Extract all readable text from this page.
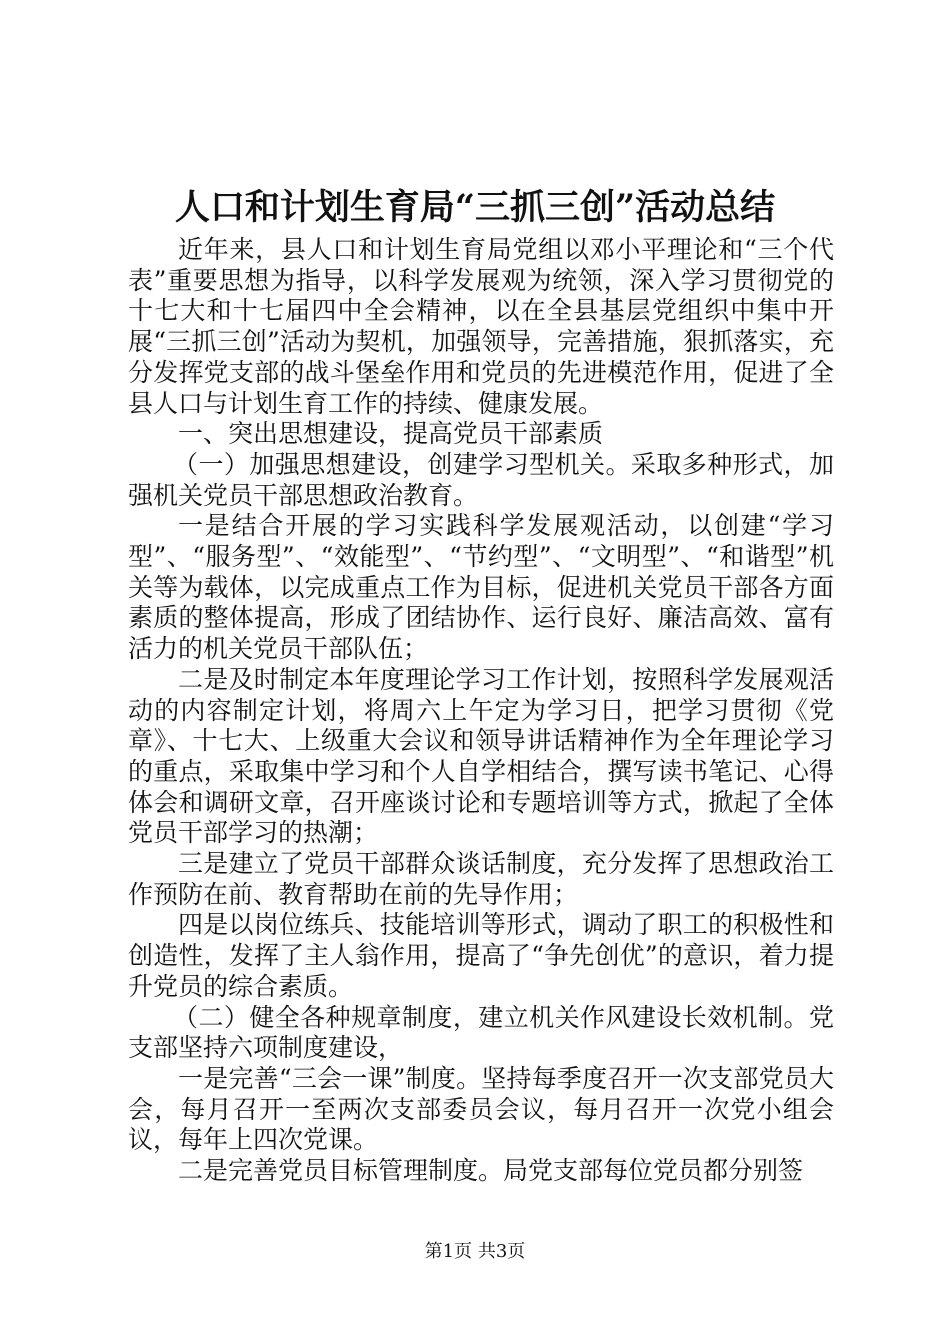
人口和计划生育局“三抓三创”活动总结

近年来，县人口和计划生育局党组以邓小平理论和“三个代表”重要思想为指导，以科学发展观为统领，深入学习贯彻党的十七大和十七届四中全会精神，以在全县基层党组织中集中开展“三抓三创”活动为契机，加强领导，完善措施，狠抓落实，充分发挥党支部的战斗堡垒作用和党员的先进模范作用，促进了全县人口与计划生育工作的持续、健康发展。

一、突出思想建设，提高党员干部素质

（一）加强思想建设，创建学习型机关。采取多种形式，加强机关党员干部思想政治教育。

一是结合开展的学习实践科学发展观活动，以创建“学习型”、“服务型”、“效能型”、“节约型”、“文明型”、“和谐型”机关等为载体，以完成重点工作为目标，促进机关党员干部各方面素质的整体提高，形成了团结协作、运行良好、廉洁高效、富有活力的机关党员干部队伍；

二是及时制定本年度理论学习工作计划，按照科学发展观活动的内容制定计划，将周六上午定为学习日，把学习贯彻《党章》、十七大、上级重大会议和领导讲话精神作为全年理论学习的重点，采取集中学习和个人自学相结合，撰写读书笔记、心得体会和调研文章，召开座谈讨论和专题培训等方式，掀起了全体党员干部学习的热潮；

三是建立了党员干部群众谈话制度，充分发挥了思想政治工作预防在前、教育帮助在前的先导作用；

四是以岗位练兵、技能培训等形式，调动了职工的积极性和创造性，发挥了主人翁作用，提高了“争先创优”的意识，着力提升党员的综合素质。

（二）健全各种规章制度，建立机关作风建设长效机制。党支部坚持六项制度建设，

一是完善“三会一课”制度。坚持每季度召开一次支部党员大会，每月召开一至两次支部委员会议，每月召开一次党小组会议，每年上四次党课。

二是完善党员目标管理制度。局党支部每位党员都分别签

第1页 共3页
